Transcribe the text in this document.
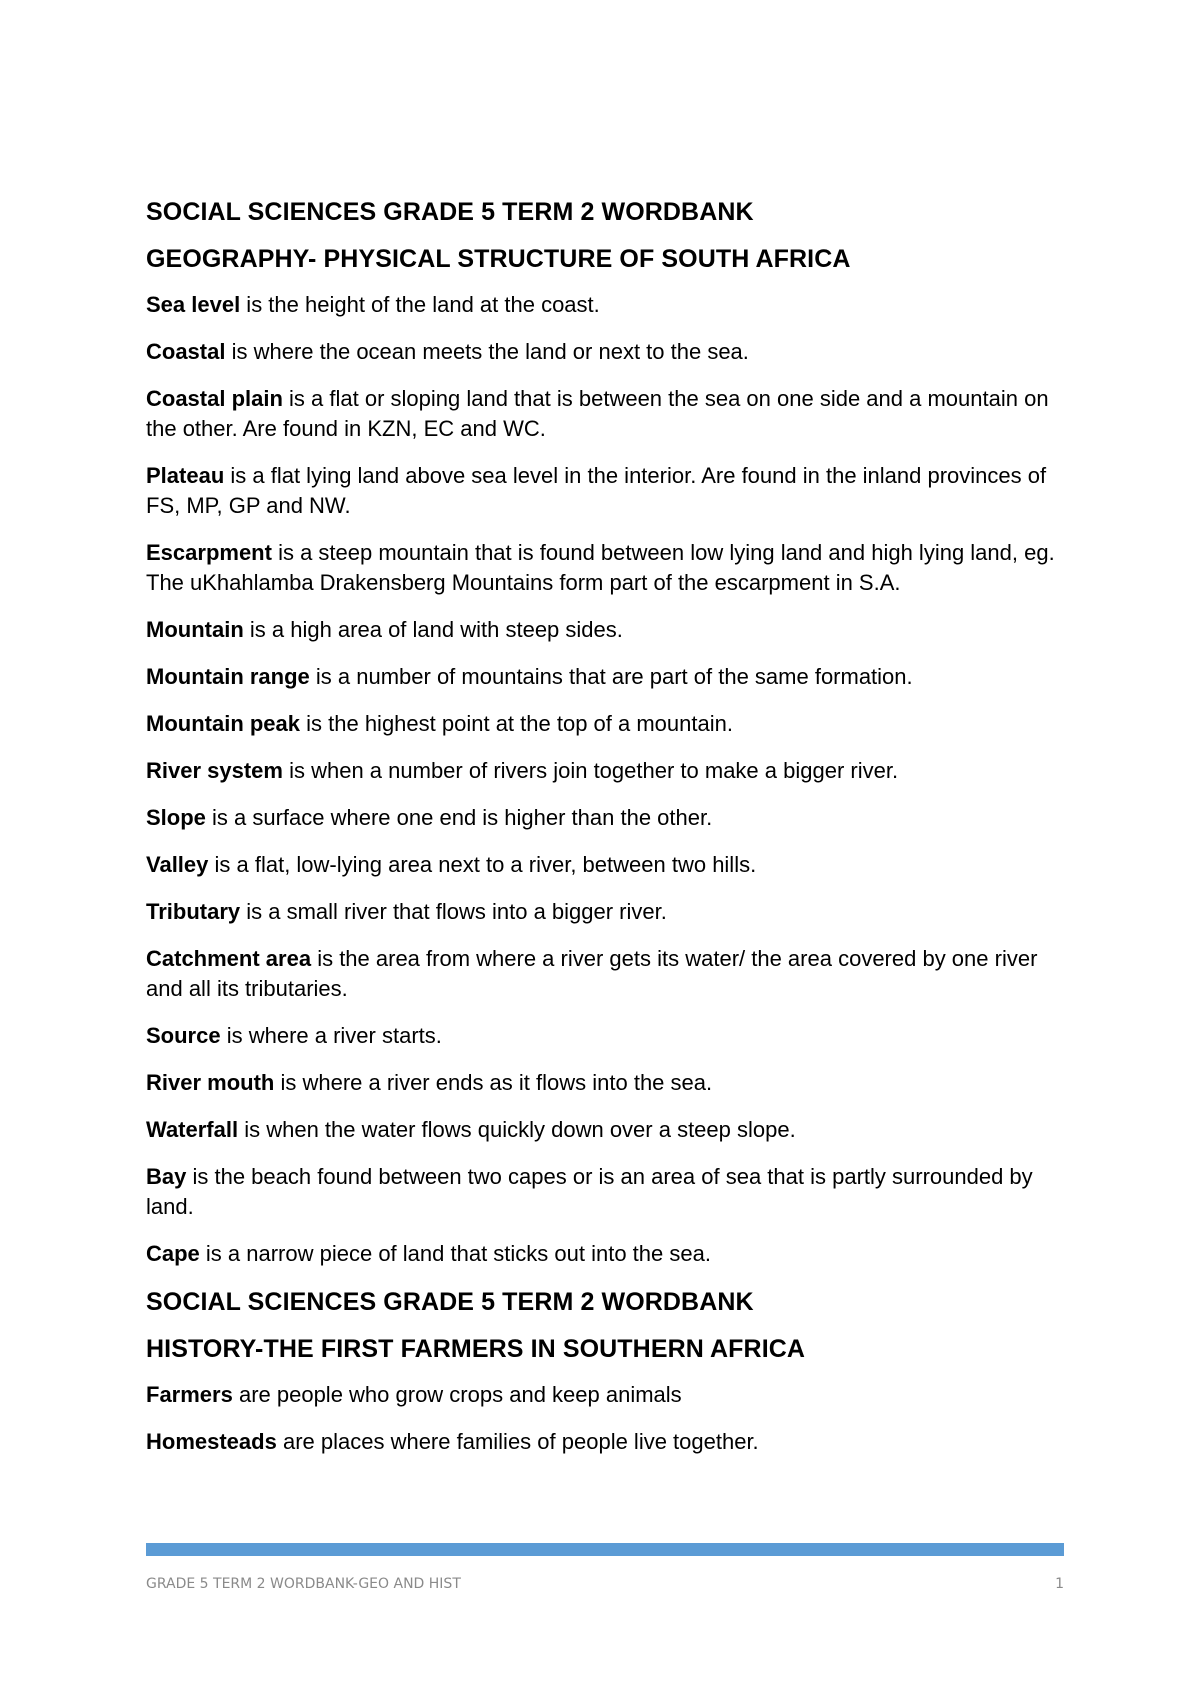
SOCIAL SCIENCES GRADE 5 TERM 2 WORDBANK
GEOGRAPHY- PHYSICAL STRUCTURE OF SOUTH AFRICA

Sea level is the height of the land at the coast.

Coastal is where the ocean meets the land or next to the sea.

Coastal plain is a flat or sloping land that is between the sea on one side and a mountain on the other. Are found in KZN, EC and WC.

Plateau is a flat lying land above sea level in the interior. Are found in the inland provinces of FS, MP, GP and NW.

Escarpment is a steep mountain that is found between low lying land and high lying land, eg. The uKhahlamba Drakensberg Mountains form part of the escarpment in S.A.

Mountain is a high area of land with steep sides.

Mountain range is a number of mountains that are part of the same formation.

Mountain peak is the highest point at the top of a mountain.

River system is when a number of rivers join together to make a bigger river.

Slope is a surface where one end is higher than the other.

Valley is a flat, low-lying area next to a river, between two hills.

Tributary is a small river that flows into a bigger river.

Catchment area is the area from where a river gets its water/ the area covered by one river and all its tributaries.

Source is where a river starts.

River mouth is where a river ends as it flows into the sea.

Waterfall is when the water flows quickly down over a steep slope.

Bay is the beach found between two capes or is an area of sea that is partly surrounded by land.

Cape is a narrow piece of land that sticks out into the sea.

SOCIAL SCIENCES GRADE 5 TERM 2 WORDBANK
HISTORY-THE FIRST FARMERS IN SOUTHERN AFRICA

Farmers are people who grow crops and keep animals

Homesteads are places where families of people live together.

GRADE 5 TERM 2 WORDBANK-GEO AND HIST	1
